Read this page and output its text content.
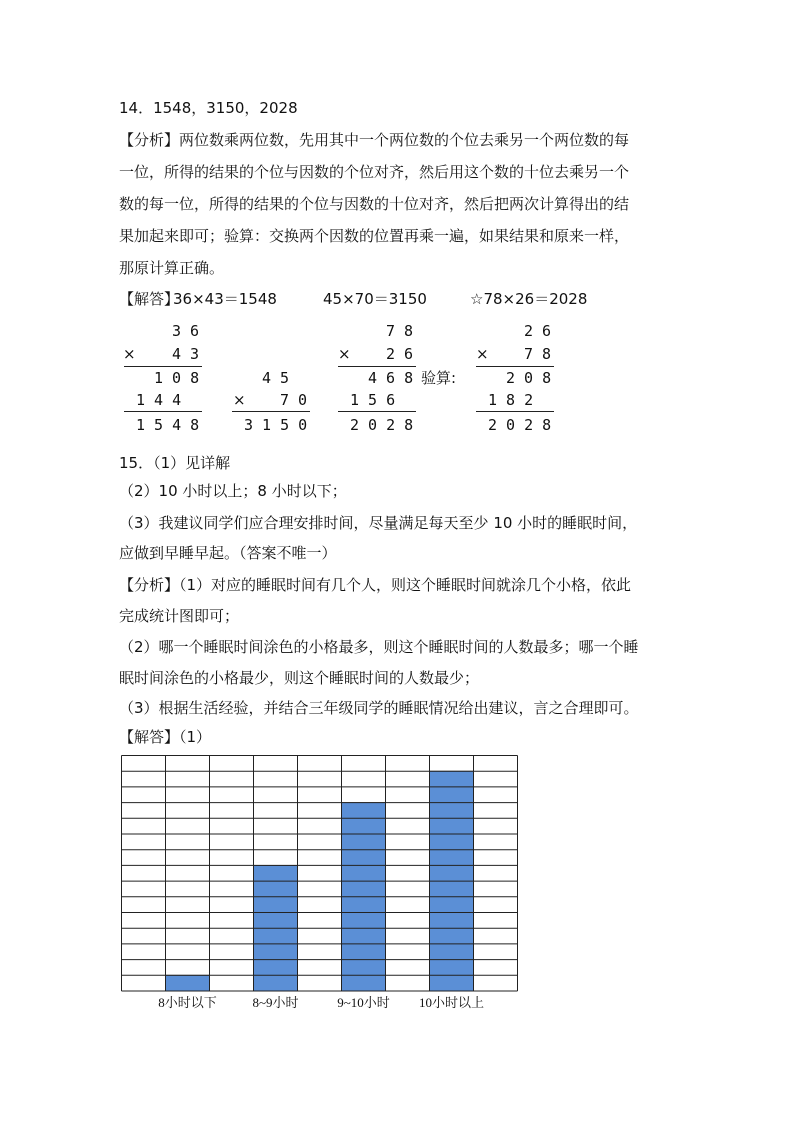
14．1548，3150，2028
【分析】两位数乘两位数，先用其中一个两位数的个位去乘另一个两位数的每
一位，所得的结果的个位与因数的个位对齐，然后用这个数的十位去乘另一个
数的每一位，所得的结果的个位与因数的十位对齐，然后把两次计算得出的结
果加起来即可；验算：交换两个因数的位置再乘一遍，如果结果和原来一样，
那原计算正确。
【解答】
36×43＝1548	45×70＝3150	☆78×26＝2028
3 6
× 4 3
1 0 8
1 4 4
1 5 4 8
4 5
× 7 0
3 1 5 0
7 8
× 2 6
4 6 8
1 5 6
2 0 2 8
验算:
2 6
× 7 8
2 0 8
1 8 2
2 0 2 8
15．（1）见详解
（2）10 小时以上；8 小时以下；
（3）我建议同学们应合理安排时间，尽量满足每天至少 10 小时的睡眠时间，
应做到早睡早起。（答案不唯一）
【分析】（1）对应的睡眠时间有几个人，则这个睡眠时间就涂几个小格，依此
完成统计图即可；
（2）哪一个睡眠时间涂色的小格最多，则这个睡眠时间的人数最多；哪一个睡
眠时间涂色的小格最少，则这个睡眠时间的人数最少；
（3）根据生活经验，并结合三年级同学的睡眠情况给出建议，言之合理即可。
【解答】（1）
8小时以下	8~9小时	9~10小时 10小时以上
